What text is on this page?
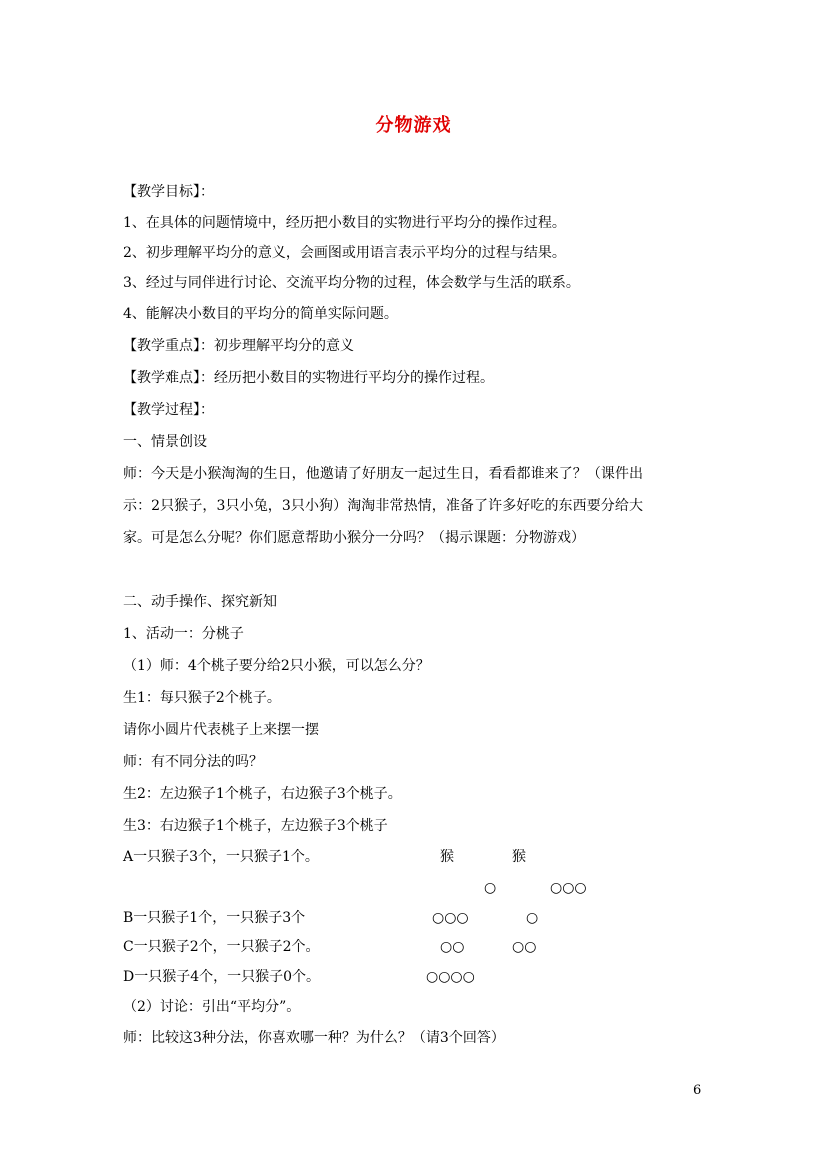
分物游戏
【教学目标】：
1、在具体的问题情境中，经历把小数目的实物进行平均分的操作过程。
2、初步理解平均分的意义，会画图或用语言表示平均分的过程与结果。
3、经过与同伴进行讨论、交流平均分物的过程，体会数学与生活的联系。
4、能解决小数目的平均分的简单实际问题。
【教学重点】：初步理解平均分的意义
【教学难点】：经历把小数目的实物进行平均分的操作过程。
【教学过程】：
一、情景创设
师：今天是小猴淘淘的生日，他邀请了好朋友一起过生日，看看都谁来了？（课件出示：2只猴子，3只小兔，3只小狗）淘淘非常热情，准备了许多好吃的东西要分给大家。可是怎么分呢？你们愿意帮助小猴分一分吗？（揭示课题：分物游戏）
二、动手操作、探究新知
1、活动一：分桃子
（1）师：4个桃子要分给2只小猴，可以怎么分？
生1：每只猴子2个桃子。
请你小圆片代表桃子上来摆一摆
师：有不同分法的吗？
生2：左边猴子1个桃子，右边猴子3个桃子。
生3：右边猴子1个桃子，左边猴子3个桃子
A一只猴子3个，一只猴子1个。	猴	猴
○	○○○
B一只猴子1个，一只猴子3个	○○○	○
C一只猴子2个，一只猴子2个。	○○	○○
D一只猴子4个，一只猴子0个。	○○○○
（2）讨论：引出“平均分”。
师：比较这3种分法，你喜欢哪一种？为什么？（请3个回答）
6
